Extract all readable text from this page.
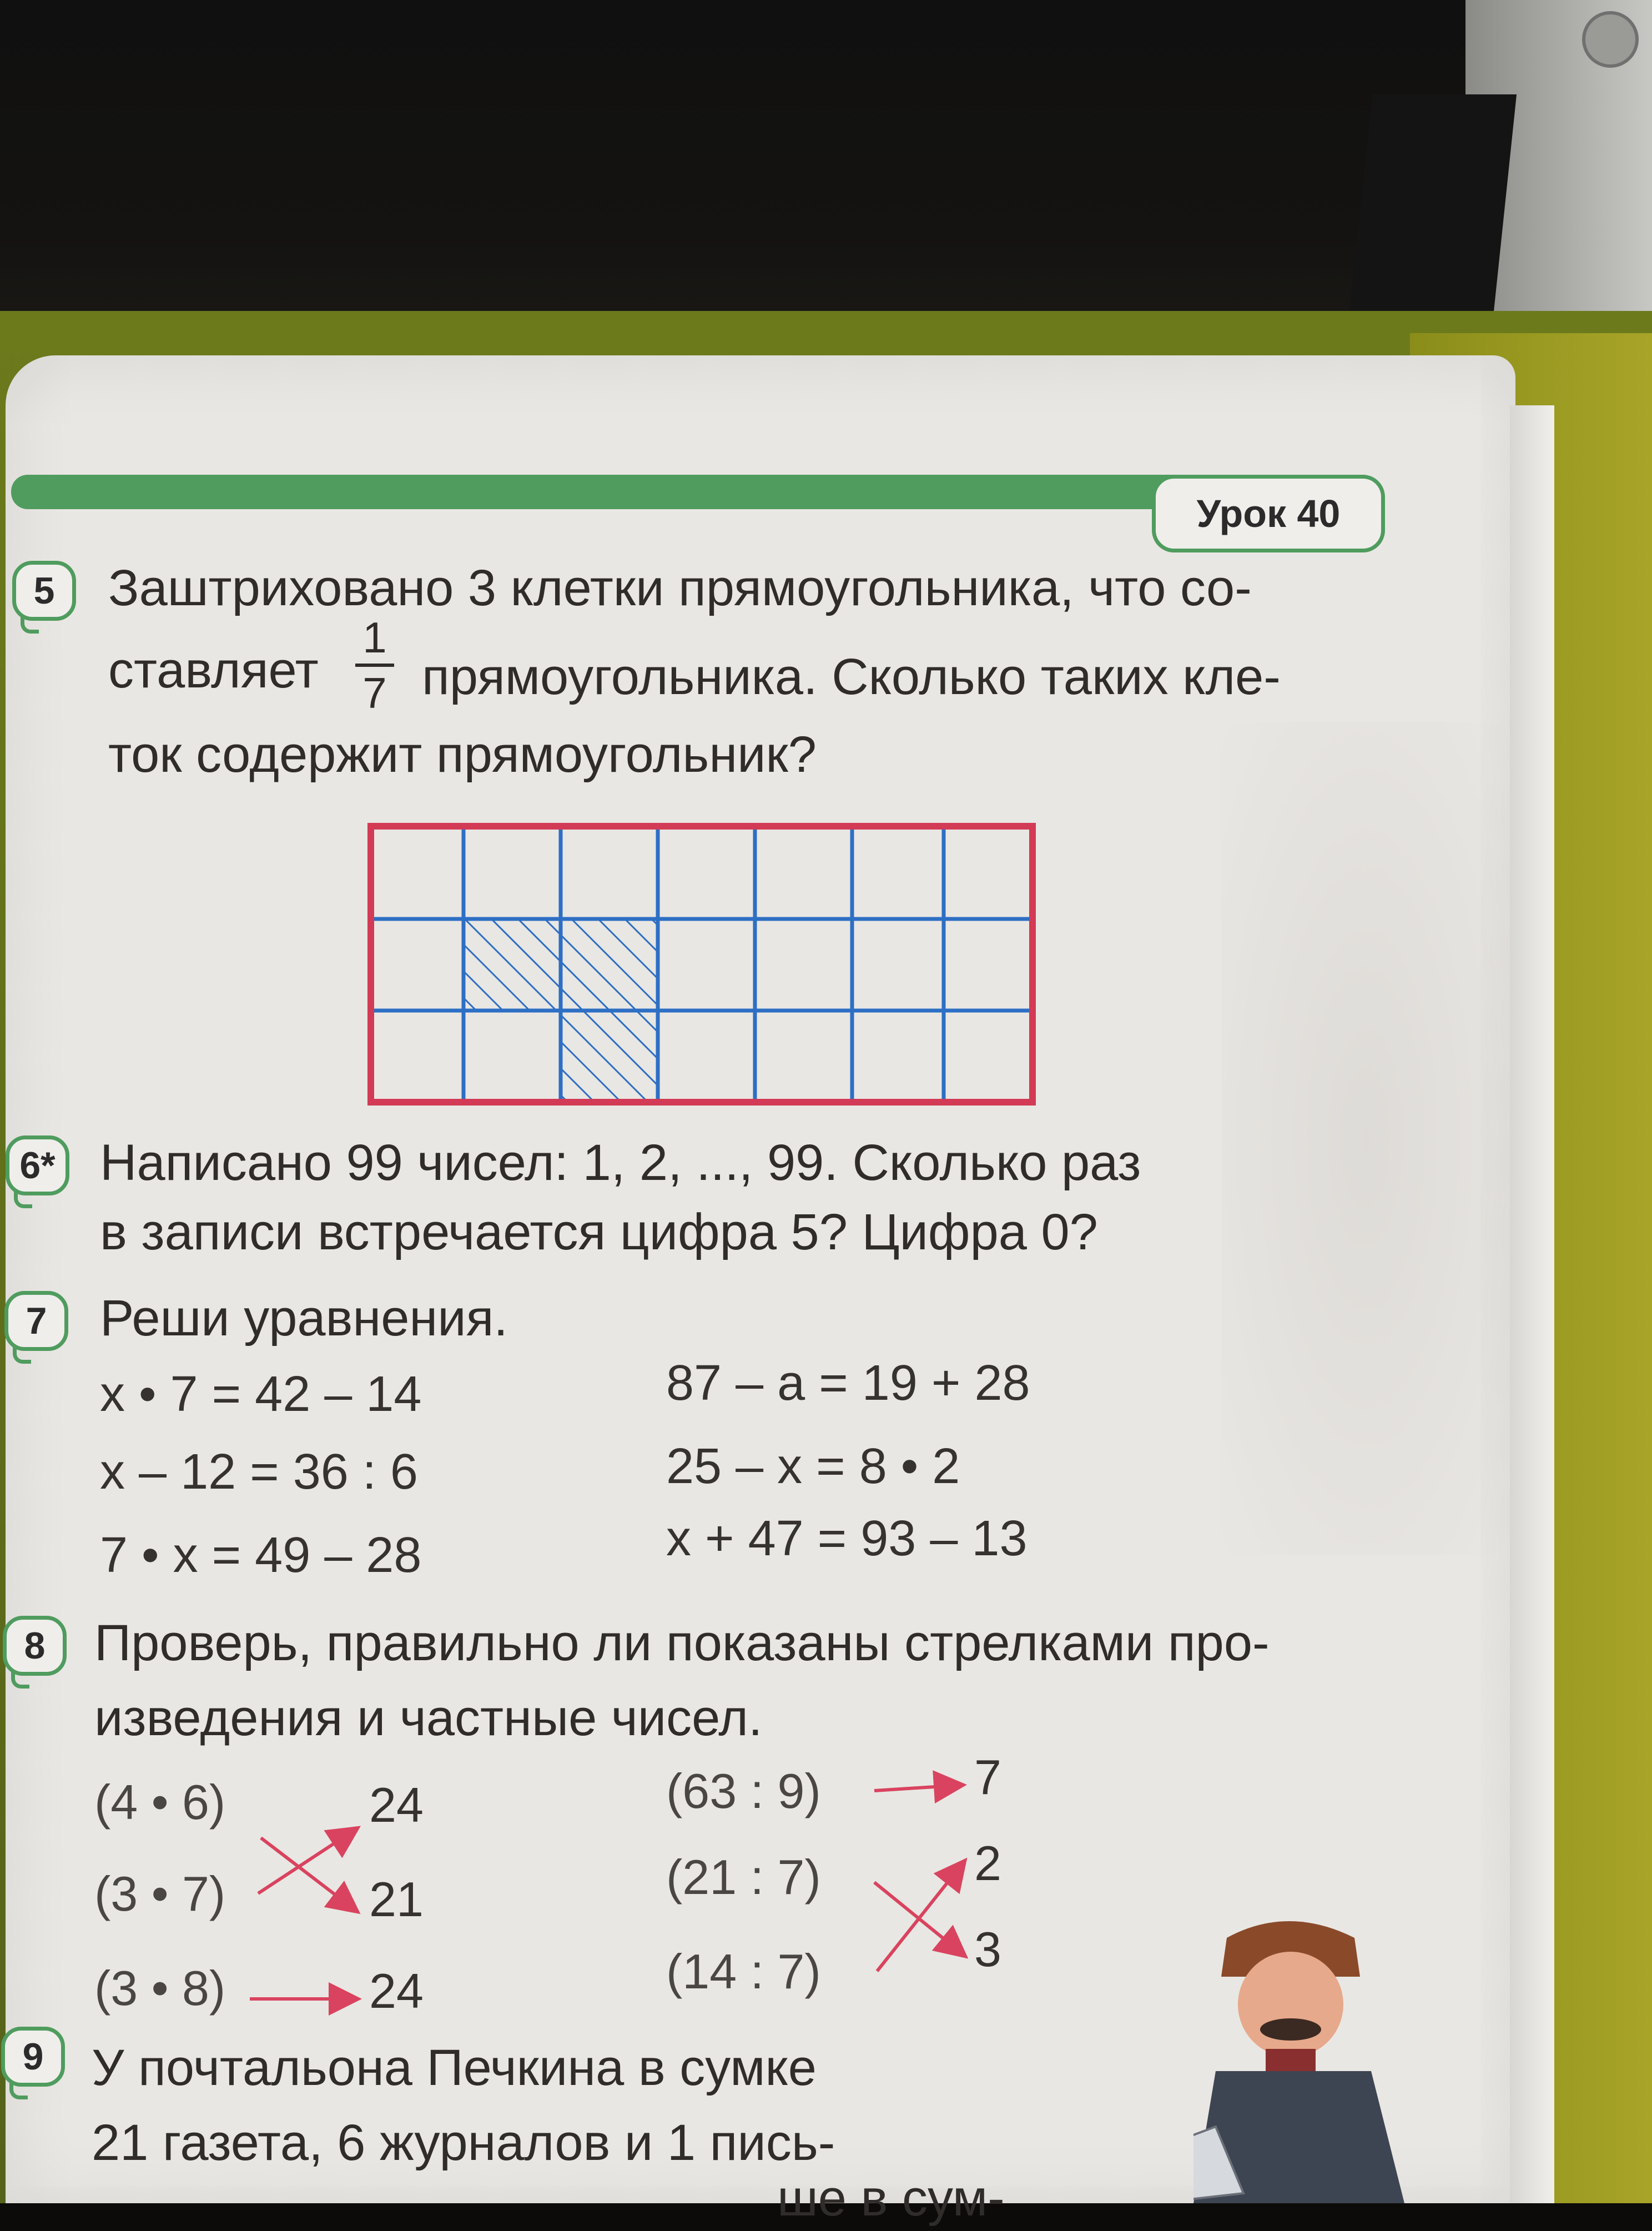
Урок 40
5	Заштриховано 3 клетки прямоугольника, что со-
ставляет
1
7 прямоугольника. Сколько таких кле-
ток содержит прямоугольник?
6* Написано 99 чисел: 1, 2, ..., 99. Сколько раз
в записи встречается цифра 5? Цифра 0?
7	Реши уравнения.
x • 7 = 42 – 14
x – 12 = 36 : 6
7 • x = 49 – 28
87 – a = 19 + 28
25 – x = 8 • 2
x + 47 = 93 – 13
8 Проверь, правильно ли показаны стрелками про-
изведения и частные чисел.
(4 • 6)
(3 • 7)
(3 • 8)
24
21
24
(63 : 9)
(21 : 7)
(14 : 7)
7
2
3
9 У почтальона Печкина в сумке
21 газета, 6 журналов и 1 пись-
ше в сум-
